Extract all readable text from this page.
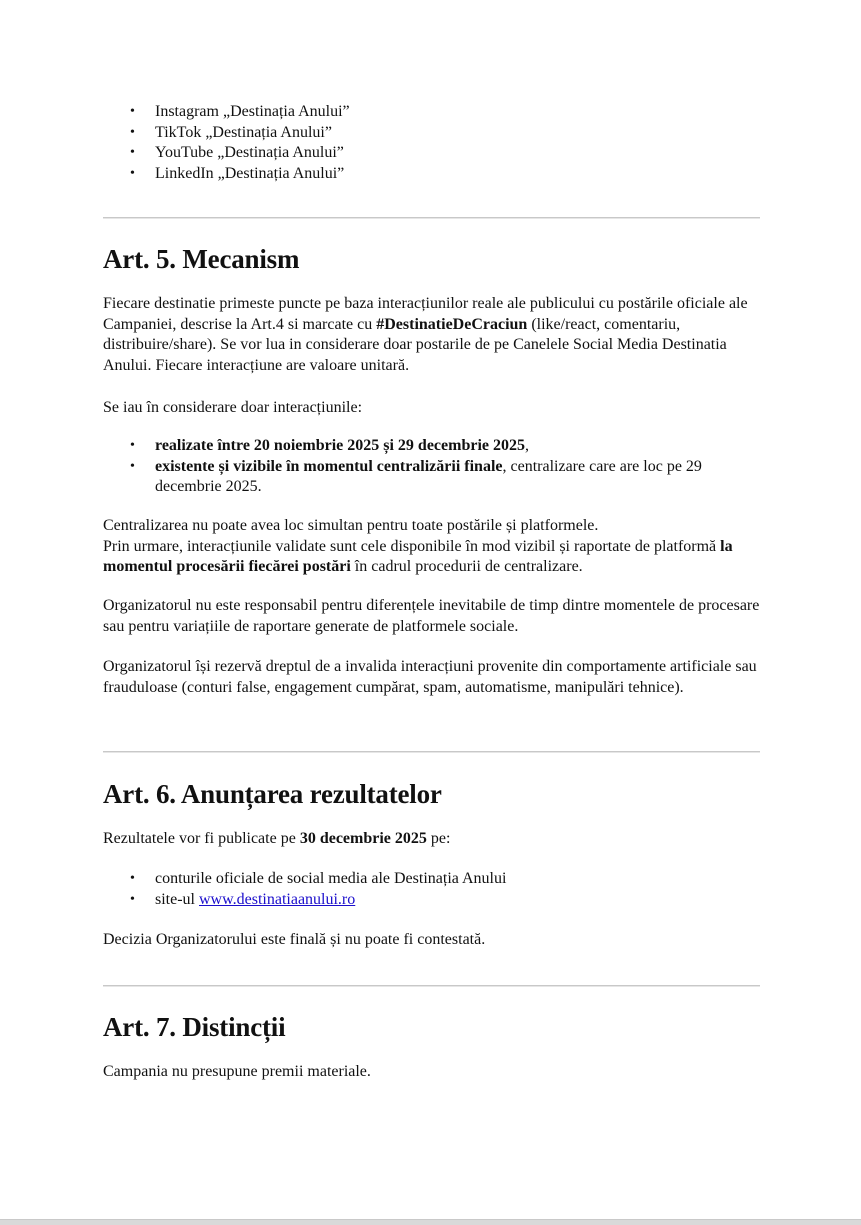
• Instagram „Destinația Anului”
• TikTok „Destinația Anului”
• YouTube „Destinația Anului”
• LinkedIn „Destinația Anului”
Art. 5. Mecanism

Fiecare destinatie primeste puncte pe baza interacțiunilor reale ale publicului cu postările oficiale ale Campaniei, descrise la Art.4 si marcate cu #DestinatieDeCraciun (like/react, comentariu, distribuire/share). Se vor lua in considerare doar postarile de pe Canelele Social Media Destinatia Anului. Fiecare interacțiune are valoare unitară.

Se iau în considerare doar interacțiunile:

• realizate între 20 noiembrie 2025 și 29 decembrie 2025,
• existente și vizibile în momentul centralizării finale, centralizare care are loc pe 29 decembrie 2025.

Centralizarea nu poate avea loc simultan pentru toate postările și platformele.
Prin urmare, interacțiunile validate sunt cele disponibile în mod vizibil și raportate de platformă la momentul procesării fiecărei postări în cadrul procedurii de centralizare.

Organizatorul nu este responsabil pentru diferențele inevitabile de timp dintre momentele de procesare sau pentru variațiile de raportare generate de platformele sociale.

Organizatorul își rezervă dreptul de a invalida interacțiuni provenite din comportamente artificiale sau frauduloase (conturi false, engagement cumpărat, spam, automatisme, manipulări tehnice).

Art. 6. Anunțarea rezultatelor

Rezultatele vor fi publicate pe 30 decembrie 2025 pe:

• conturile oficiale de social media ale Destinația Anului
• site-ul www.destinatiaanului.ro

Decizia Organizatorului este finală și nu poate fi contestată.

Art. 7. Distincții

Campania nu presupune premii materiale.
